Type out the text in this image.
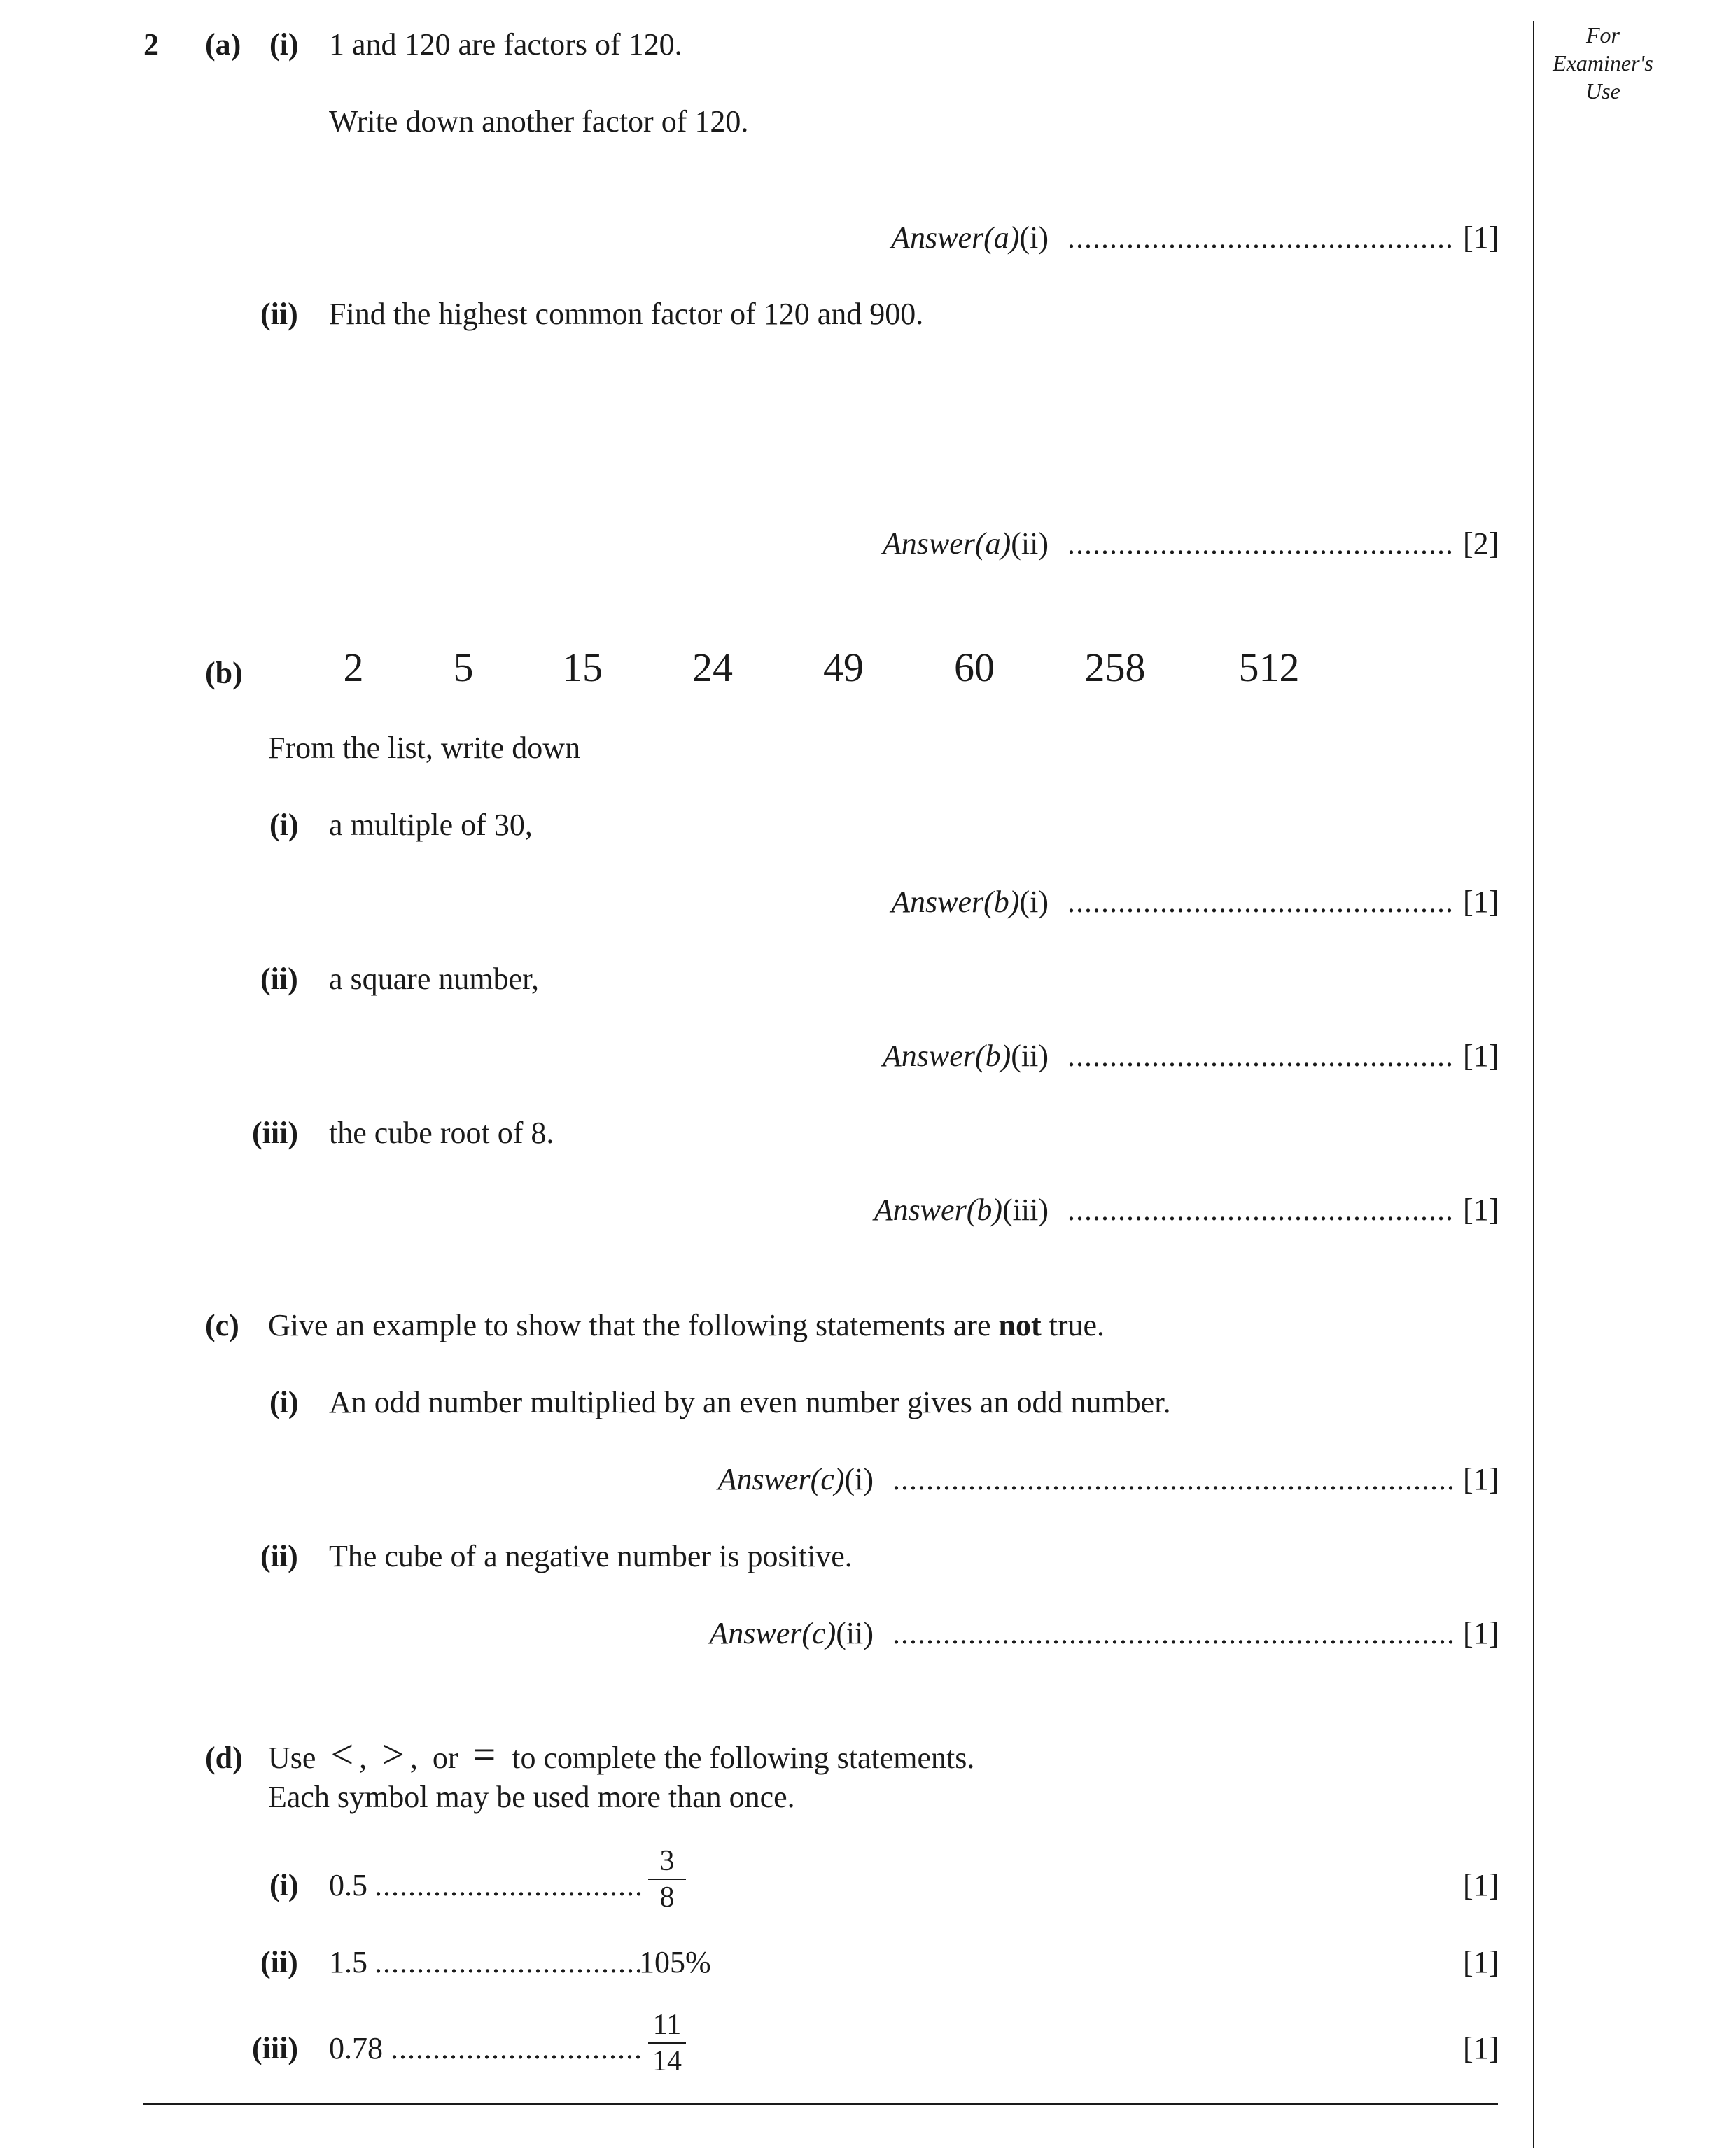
For Examiner's Use
2 (a) (i) 1 and 120 are factors of 120.
Write down another factor of 120.
Answer(a)(i) .............................................. [1]
(ii) Find the highest common factor of 120 and 900.
Answer(a)(ii) .............................................. [2]
(b)	2	5	15	24	49	60	258	512
From the list, write down
(i) a multiple of 30,
Answer(b)(i) .............................................. [1]
(ii) a square number,
Answer(b)(ii) .............................................. [1]
(iii) the cube root of 8.
Answer(b)(iii) .............................................. [1]
(c) Give an example to show that the following statements are not true.
(i) An odd number multiplied by an even number gives an odd number.
Answer(c)(i) ................................................................... [1]
(ii) The cube of a negative number is positive.
Answer(c)(ii) ................................................................... [1]
(d) Use < , > , or = to complete the following statements.
Each symbol may be used more than once.
(i) 0.5 ................................
3
8	[1]
(ii) 1.5 ................................
105%	[1]
(iii) 0.78 ..............................
11
14	[1]
